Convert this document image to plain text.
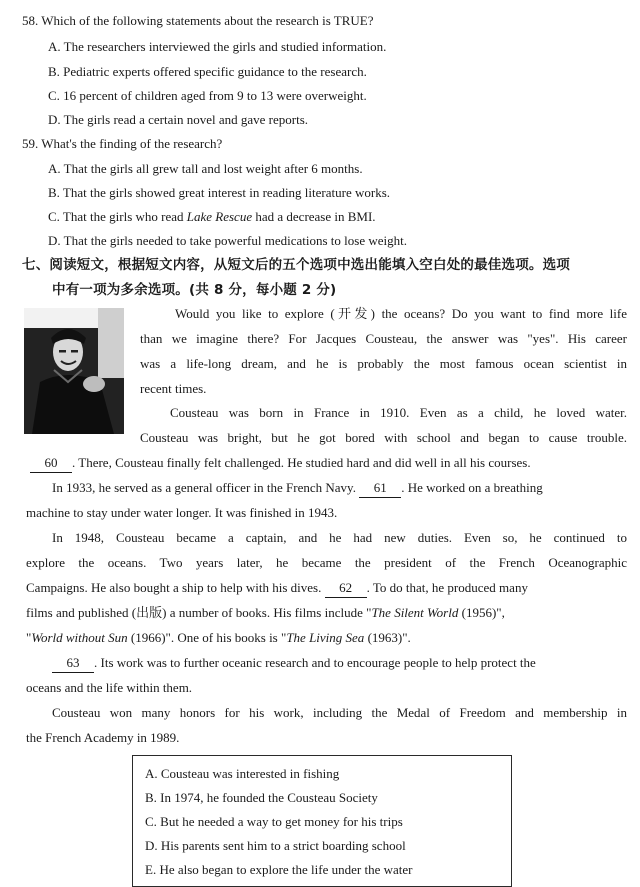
58. Which of the following statements about the research is TRUE?
A. The researchers interviewed the girls and studied information.
B. Pediatric experts offered specific guidance to the research.
C. 16 percent of children aged from 9 to 13 were overweight.
D. The girls read a certain novel and gave reports.
59. What's the finding of the research?
A. That the girls all grew tall and lost weight after 6 months.
B. That the girls showed great interest in reading literature works.
C. That the girls who read Lake Rescue had a decrease in BMI.
D. That the girls needed to take powerful medications to lose weight.
七、阅读短文，根据短文内容，从短文后的五个选项中选出能填入空白处的最佳选项。选项
中有一项为多余选项。(共 8 分，每小题 2 分)
Would you like to explore (开发) the oceans? Do you want to find more life
than we imagine there? For Jacques Cousteau, the answer was "yes". His career
was a life-long dream, and he is probably the most famous ocean scientist in
recent times.
Cousteau was born in France in 1910. Even as a child, he loved water.
Cousteau was bright, but he got bored with school and began to cause trouble.
60 . There, Cousteau finally felt challenged. He studied hard and did well in all his courses.
In 1933, he served as a general officer in the French Navy. 61 . He worked on a breathing
machine to stay under water longer. It was finished in 1943.
In 1948, Cousteau became a captain, and he had new duties. Even so, he continued to
explore the oceans. Two years later, he became the president of the French Oceanographic
Campaigns. He also bought a ship to help with his dives. 62 . To do that, he produced many
films and published (出版) a number of books. His films include "The Silent World (1956)",
"World without Sun (1966)". One of his books is "The Living Sea (1963)".
63 . Its work was to further oceanic research and to encourage people to help protect the
oceans and the life within them.
Cousteau won many honors for his work, including the Medal of Freedom and membership in
the French Academy in 1989.
A. Cousteau was interested in fishing
B. In 1974, he founded the Cousteau Society
C. But he needed a way to get money for his trips
D. His parents sent him to a strict boarding school
E. He also began to explore the life under the water
